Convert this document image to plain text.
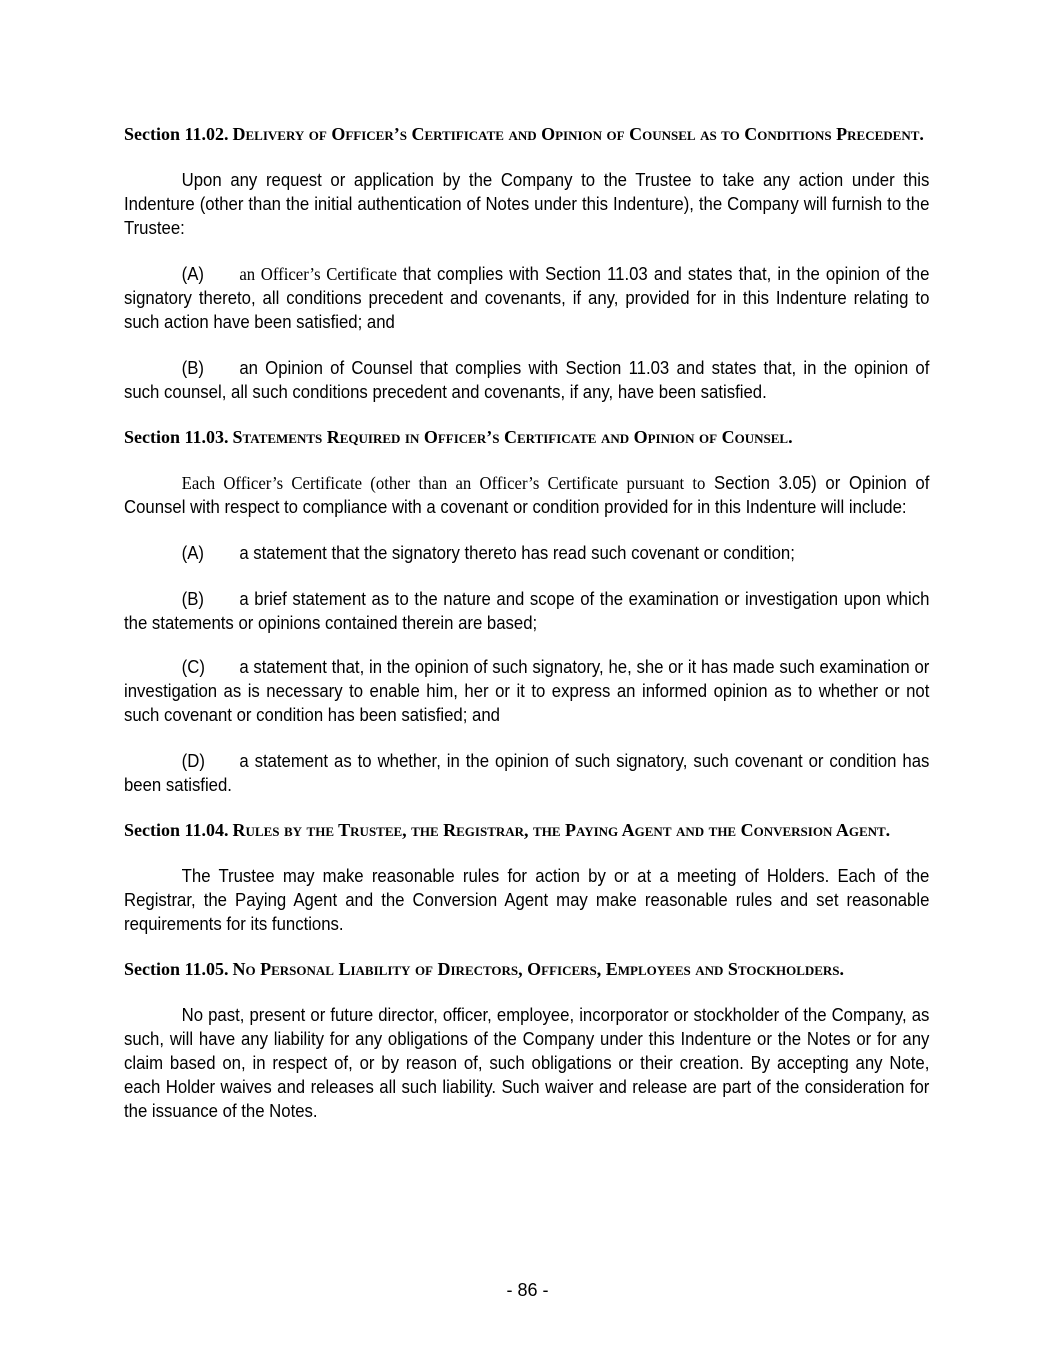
Section 11.02. Delivery of Officer’s Certificate and Opinion of Counsel as to Conditions Precedent.

Upon any request or application by the Company to the Trustee to take any action under this Indenture (other than the initial authentication of Notes under this Indenture), the Company will furnish to the Trustee:

(A) an Officer’s Certificate that complies with Section 11.03 and states that, in the opinion of the signatory thereto, all conditions precedent and covenants, if any, provided for in this Indenture relating to such action have been satisfied; and

(B) an Opinion of Counsel that complies with Section 11.03 and states that, in the opinion of such counsel, all such conditions precedent and covenants, if any, have been satisfied.

Section 11.03. Statements Required in Officer’s Certificate and Opinion of Counsel.

Each Officer’s Certificate (other than an Officer’s Certificate pursuant to Section 3.05) or Opinion of Counsel with respect to compliance with a covenant or condition provided for in this Indenture will include:

(A) a statement that the signatory thereto has read such covenant or condition;

(B) a brief statement as to the nature and scope of the examination or investigation upon which the statements or opinions contained therein are based;

(C) a statement that, in the opinion of such signatory, he, she or it has made such examination or investigation as is necessary to enable him, her or it to express an informed opinion as to whether or not such covenant or condition has been satisfied; and

(D) a statement as to whether, in the opinion of such signatory, such covenant or condition has been satisfied.

Section 11.04. Rules by the Trustee, the Registrar, the Paying Agent and the Conversion Agent.

The Trustee may make reasonable rules for action by or at a meeting of Holders. Each of the Registrar, the Paying Agent and the Conversion Agent may make reasonable rules and set reasonable requirements for its functions.

Section 11.05. No Personal Liability of Directors, Officers, Employees and Stockholders.

No past, present or future director, officer, employee, incorporator or stockholder of the Company, as such, will have any liability for any obligations of the Company under this Indenture or the Notes or for any claim based on, in respect of, or by reason of, such obligations or their creation. By accepting any Note, each Holder waives and releases all such liability. Such waiver and release are part of the consideration for the issuance of the Notes.

- 86 -
